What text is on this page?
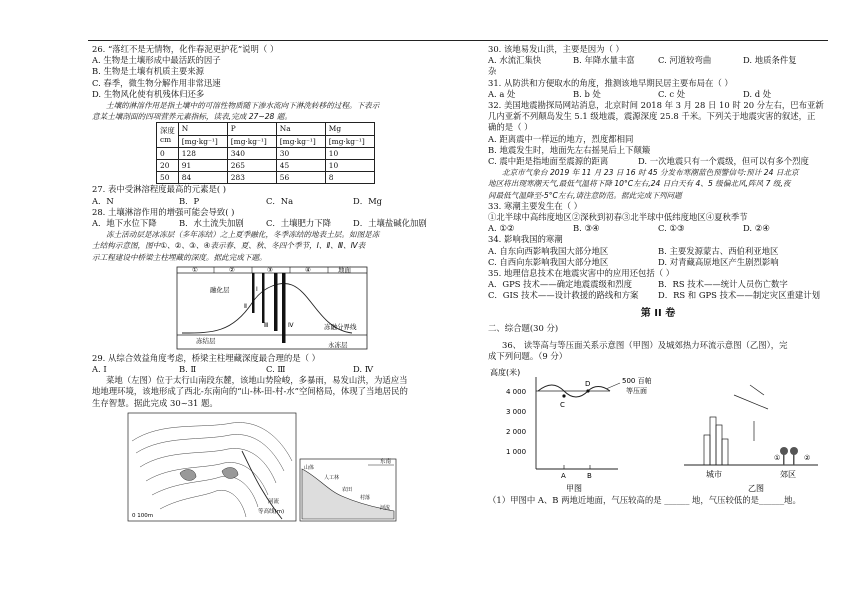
26. “落红不是无情物，化作春泥更护花”说明（ ）
A. 生物是土壤形成中最活跃的因子
B. 生物是土壤有机质主要来源
C. 春季，微生物分解作用非常迅速
D. 生物风化使有机残体归还多
土壤的淋溶作用是指土壤中的可溶性物质随下渗水流向下淋洗转移的过程。下表示
意某土壤剖面的四项营养元素指标，读表,完成 27~28 题。
深度
cm	N	P	Na	Mg
	[mg·kg⁻¹]	[mg·kg⁻¹]	[mg·kg⁻¹]	[mg·kg⁻¹]
0	128	340	30	10
20	91	265	45	10
50	84	283	56	8
27. 表中受淋溶程度最高的元素是( )
A．N	B．P	C．Na	D．Mg
28. 土壤淋溶作用的增强可能会导致( )
A．地下水位下降	B．水土流失加剧	C．土壤肥力下降	D．土壤盐碱化加剧
冻土活动层是冰冻层（多年冻结）之上夏季融化，冬季冻结的地表土层。如图是冻
土结构示意图，图中①、②、③、④表示春、夏、秋、冬四个季节，Ⅰ、Ⅱ、Ⅲ、Ⅳ表
示工程建设中桥梁主柱埋藏的深度。据此完成下题。
①	②	③	④	地面
融化层	Ⅰ
Ⅱ
Ⅲ	Ⅳ
冻结层
冻融分界线
永冻层
29. 从综合效益角度考虑，桥梁主柱埋藏深度最合理的是（ ）
A. Ⅰ	B. Ⅱ	C. Ⅲ	D. Ⅳ
菜地（左图）位于太行山南段东麓，该地山势险峻，多暴雨，易发山洪，为适应当
地地理环境，该地形成了西北-东南向的“山-林-田-村-水”空间格局，体现了当地居民的
生存智慧。据此完成 30~31 题。
0 100m
河流
等高线(m)
东南
山体
人工林
农田
村落
河流
30. 该地易发山洪，主要是因为（ ）
A. 水流汇集快	B. 年降水量丰富	C. 河道较弯曲	D. 地质条件复
杂
31. 从防洪和方便取水的角度，推测该地早期民居主要布局在（ ）
A. a 处	B. b 处	C. c 处	D. d 处
32. 美国地震勘探局网站消息，北京时间 2018 年 3 月 28 日 10 时 20 分左右，巴布亚新
几内亚新不列颠岛发生 5.1 级地震，震源深度 25.8 千米。下列关于地震灾害的叙述，正
确的是（ ）
A. 距离震中一样远的地方，烈度都相同
B. 地震发生时，地面先左右摇晃后上下颠簸
C. 震中距是指地面至震源的距离	D. 一次地震只有一个震级，但可以有多个烈度
北京市气象台 2019 年 11 月 23 日 16 时 45 分发布寒潮蓝色预警信号:预计 24 日北京
地区将出现寒潮天气,最低气温将下降 10°C左右,24 日白天有 4、5 级偏北风,阵风 7 级,夜
间最低气温降至-5°C左右,请注意防范。据此完成下列问题
33. 寒潮主要发生在（ ）
①北半球中高纬度地区②深秋到初春③北半球中低纬度地区④夏秋季节
A. ①②	B. ③④	C. ①③	D. ②④
34. 影响我国的寒潮
A. 自东向西影响我国大部分地区	B. 主要发源蒙古、西伯利亚地区
C. 自西向东影响我国大部分地区	D. 对青藏高原地区产生剧烈影响
35. 地理信息技术在地震灾害中的应用还包括（ ）
A．GPS 技术——确定地震震级和烈度	B．RS 技术——统计人员伤亡数字
C．GIS 技术——设计救援的路线和方案	D．RS 和 GPS 技术——制定灾区重建计划
第 II 卷
二、综合题(30 分)
36、 读等高与等压面关系示意图（甲图）及城郊热力环流示意图（乙图），完
成下列问题。（9 分）
高度(米)
4 000
3 000
2 000
1 000
C
D	500 百帕
等压面
A	B
甲图
①	②
城市	郊区
乙图
（1）甲图中 A、B 两地近地面，气压较高的是 ______ 地，气压较低的是______地。
